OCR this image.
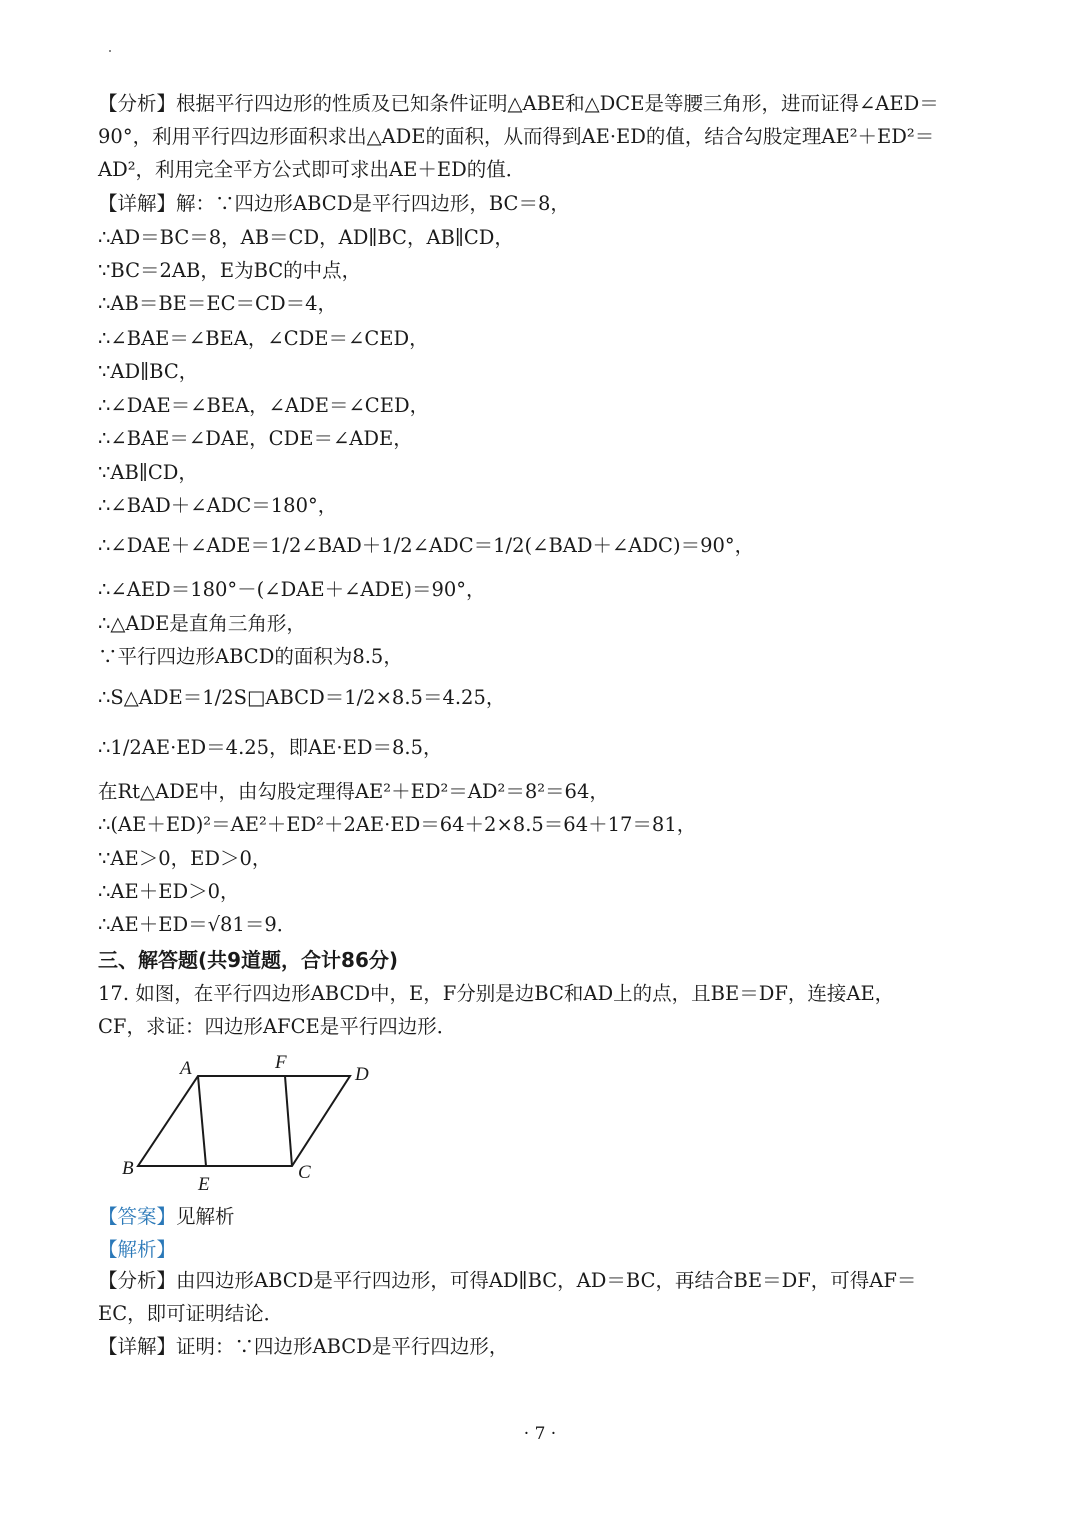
【分析】根据平行四边形的性质及已知条件证明△ABE和△DCE是等腰三角形，进而证得∠AED＝
90°，利用平行四边形面积求出△ADE的面积，从而得到AE·ED的值，结合勾股定理AE²＋ED²＝
AD²，利用完全平方公式即可求出AE＋ED的值．
【详解】解：∵四边形ABCD是平行四边形，BC＝8，
∴AD＝BC＝8，AB＝CD，AD∥BC，AB∥CD，
∵BC＝2AB，E为BC的中点，
∴AB＝BE＝EC＝CD＝4，
∴∠BAE＝∠BEA，∠CDE＝∠CED，
∵AD∥BC，
∴∠DAE＝∠BEA，∠ADE＝∠CED，
∴∠BAE＝∠DAE，CDE＝∠ADE，
∵AB∥CD，
∴∠BAD＋∠ADC＝180°，
∴∠DAE＋∠ADE＝1/2∠BAD＋1/2∠ADC＝1/2(∠BAD＋∠ADC)＝90°，
∴∠AED＝180°－(∠DAE＋∠ADE)＝90°，
∴△ADE是直角三角形，
∵平行四边形ABCD的面积为8.5，
∴S△ADE＝1/2S□ABCD＝1/2×8.5＝4.25，
∴1/2AE·ED＝4.25，即AE·ED＝8.5，
在Rt△ADE中，由勾股定理得AE²＋ED²＝AD²＝8²＝64，
∴(AE＋ED)²＝AE²＋ED²＋2AE·ED＝64＋2×8.5＝64＋17＝81，
∵AE＞0，ED＞0，
∴AE＋ED＞0，
∴AE＋ED＝√81＝9．
三、解答题(共9道题，合计86分)
17. 如图，在平行四边形ABCD中，E，F分别是边BC和AD上的点，且BE＝DF，连接AE，
CF，求证：四边形AFCE是平行四边形．
A	F
D
B
E
C
【答案】见解析
【解析】
【分析】由四边形ABCD是平行四边形，可得AD∥BC，AD＝BC，再结合BE＝DF，可得AF＝
EC，即可证明结论．
【详解】证明：∵四边形ABCD是平行四边形，
· 7 ·
